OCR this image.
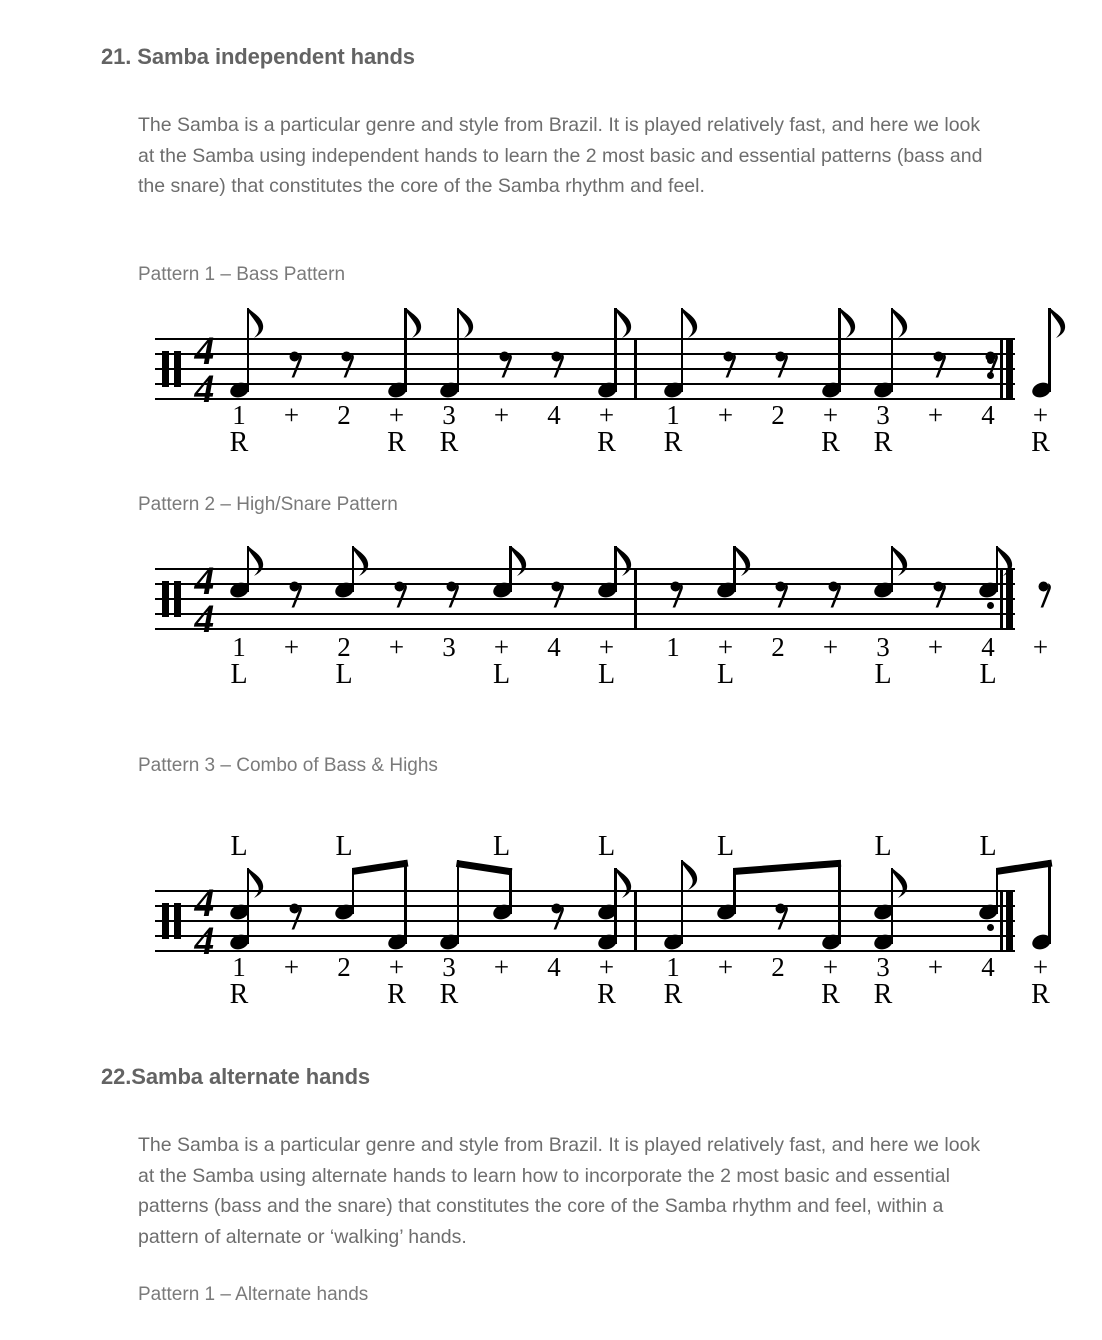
21. Samba independent hands
The Samba is a particular genre and style from Brazil. It is played relatively fast, and here we look at the Samba using independent hands to learn the 2 most basic and essential patterns (bass and the snare) that constitutes the core of the Samba rhythm and feel.
Pattern 1 – Bass Pattern
4
4
1	+	2	+	3	+	4	+	1	+	2	+	3	+	4	+
R	R R	R R	R R	R
Pattern 2 – High/Snare Pattern
4
4
1	+	2	+	3	+	4	+	1	+	2	+	3	+	4	+
L	L	L	L	L	L	L
Pattern 3 – Combo of Bass & Highs
L	L	L	L	L	L	L
4
4
1	+	2	+	3	+	4	+	1	+	2	+	3	+	4	+
R	R R	R R	R R	R
22.Samba alternate hands
The Samba is a particular genre and style from Brazil. It is played relatively fast, and here we look at the Samba using alternate hands to learn how to incorporate the 2 most basic and essential patterns (bass and the snare) that constitutes the core of the Samba rhythm and feel, within a pattern of alternate or ‘walking’ hands.
Pattern 1 – Alternate hands
